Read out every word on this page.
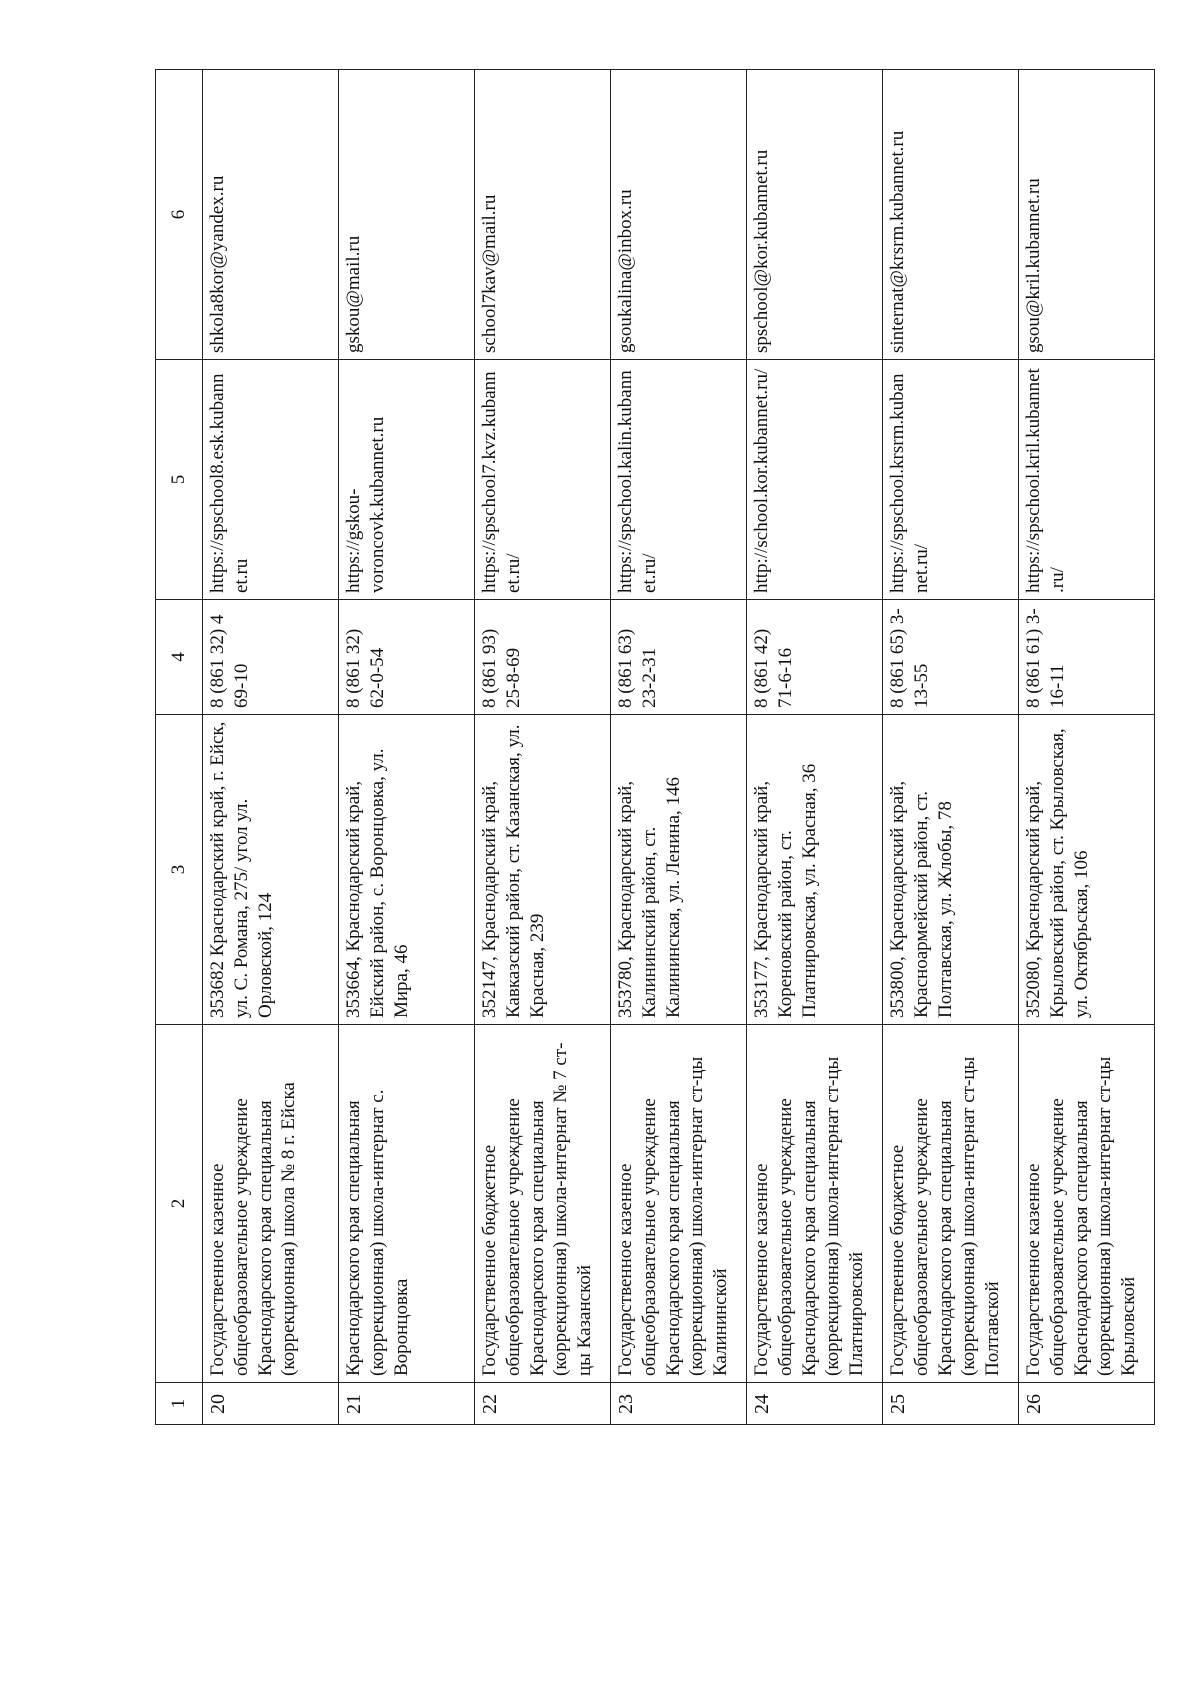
1	2	3	4	5	6
20	Государственное казенное общеобразовательное учреждение Краснодарского края специальная (коррекционная) школа № 8 г. Ейска	353682 Краснодарский край, г. Ейск, ул. С. Романа, 275/ угол ул. Орловской, 124	8 (861 32) 4 69-10	https://spschool8.esk.kubannet.ru	shkola8kor@yandex.ru
21	Краснодарского края специальная (коррекционная) школа-интернат с. Воронцовка	353664, Краснодарский край, Ейский район, с. Воронцовка, ул. Мира, 46	8 (861 32) 62-0-54	https://gskou-voroncovk.kubannet.ru	gskou@mail.ru
22	Государственное бюджетное общеобразовательное учреждение Краснодарского края специальная (коррекционная) школа-интернат № 7 ст-цы Казанской	352147, Краснодарский край, Кавказский район, ст. Казанская, ул. Красная, 239	8 (861 93) 25-8-69	https://spschool7.kvz.kubannet.ru/	school7kav@mail.ru
23	Государственное казенное общеобразовательное учреждение Краснодарского края специальная (коррекционная) школа-интернат ст-цы Калининской	353780, Краснодарский край, Калининский район, ст. Калининская, ул. Ленина, 146	8 (861 63) 23-2-31	https://spschool.kalin.kubannet.ru/	gsoukalina@inbox.ru
24	Государственное казенное общеобразовательное учреждение Краснодарского края специальная (коррекционная) школа-интернат ст-цы Платнировской	353177, Краснодарский край, Кореновский район, ст. Платнировская, ул. Красная, 36	8 (861 42) 71-6-16	http://school.kor.kubannet.ru/	spschool@kor.kubannet.ru
25	Государственное бюджетное общеобразовательное учреждение Краснодарского края специальная (коррекционная) школа-интернат ст-цы Полтавской	353800, Краснодарский край, Красноармейский район, ст. Полтавская, ул. Жлобы, 78	8 (861 65) 3-13-55	https://spschool.krsrm.kubannet.ru/	sinternat@krsrm.kubannet.ru
26	Государственное казенное общеобразовательное учреждение Краснодарского края специальная (коррекционная) школа-интернат ст-цы Крыловской	352080, Краснодарский край, Крыловский район, ст. Крыловская, ул. Октябрьская, 106	8 (861 61) 3-16-11	https://spschool.kril.kubannet.ru/	gsou@kril.kubannet.ru
